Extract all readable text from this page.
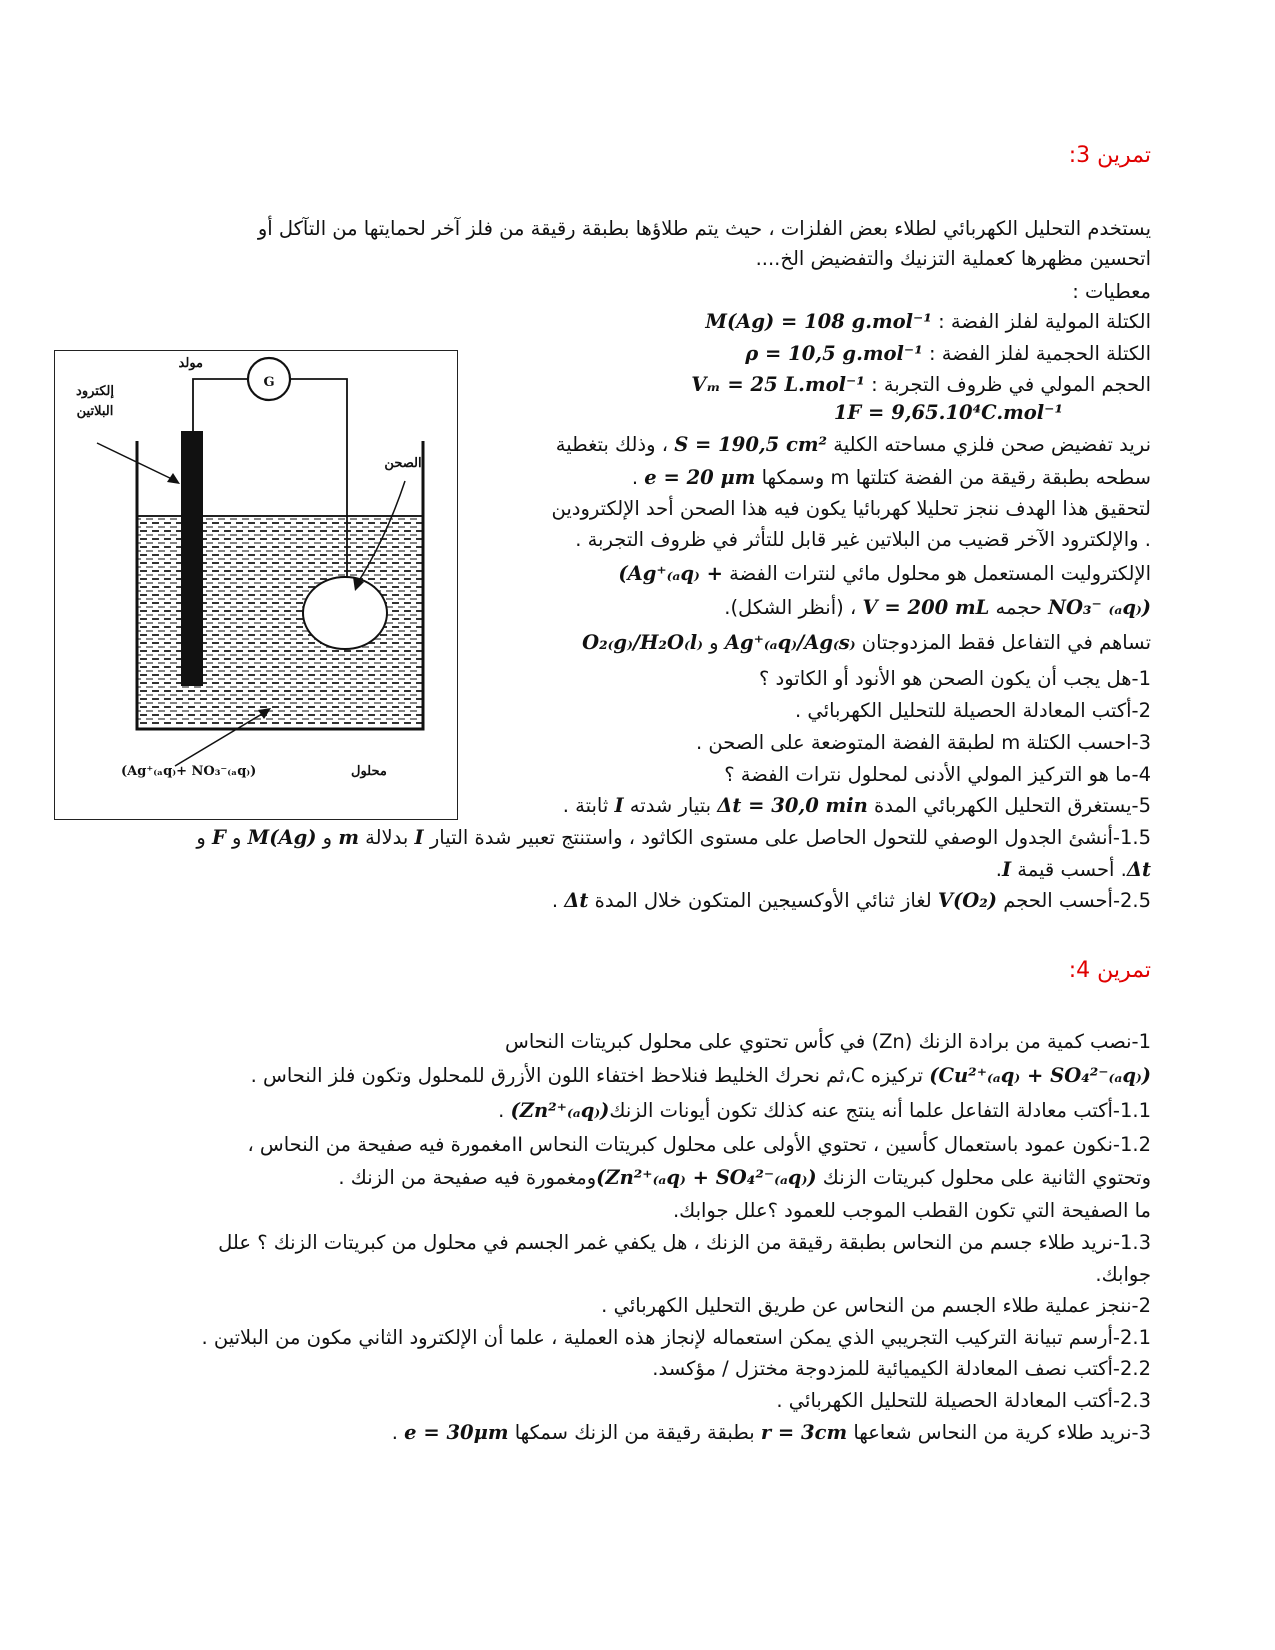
تمرين 3:
يستخدم التحليل الكهربائي لطلاء بعض الفلزات ، حيث يتم طلاؤها بطبقة رقيقة من فلز آخر لحمايتها من التآكل أو
اتحسين مظهرها كعملية التزنيك والتفضيض الخ....
معطيات :
الكتلة المولية لفلز الفضة : M(Ag) = 108 g.mol⁻¹
الكتلة الحجمية لفلز الفضة : ρ = 10,5 g.mol⁻¹
الحجم المولي في ظروف التجربة : Vₘ = 25 L.mol⁻¹
1F = 9,65.10⁴C.mol⁻¹
نريد تفضيض صحن فلزي مساحته الكلية S = 190,5 cm² ، وذلك بتغطية
سطحه بطبقة رقيقة من الفضة كتلتها m وسمكها e = 20 μm .
لتحقيق هذا الهدف ننجز تحليلا كهربائيا يكون فيه هذا الصحن أحد الإلكترودين
. والإلكترود الآخر قضيب من البلاتين غير قابل للتأثر في ظروف التجربة .
الإلكتروليت المستعمل هو محلول مائي لنترات الفضة (Ag⁺₍ₐq₎ +
NO₃⁻ ₍ₐq₎) حجمه V = 200 mL ، (أنظر الشكل).
تساهم في التفاعل فقط المزدوجتان Ag⁺₍ₐq₎/Ag₍s₎ و O₂₍g₎/H₂O₍l₎
1-هل يجب أن يكون الصحن هو الأنود أو الكاتود ؟
2-أكتب المعادلة الحصيلة للتحليل الكهربائي .
3-احسب الكتلة m لطبقة الفضة المتوضعة على الصحن .
4-ما هو التركيز المولي الأدنى لمحلول نترات الفضة ؟
5-يستغرق التحليل الكهربائي المدة Δt = 30,0 min بتيار شدته I ثابتة .
1.5-أنشئ الجدول الوصفي للتحول الحاصل على مستوى الكاثود ، واستنتج تعبير شدة التيار I بدلالة m و M(Ag) و F و
Δt. أحسب قيمة I.
2.5-أحسب الحجم V(O₂) لغاز ثنائي الأوكسيجين المتكون خلال المدة Δt .
G
مولد
إلكترود
البلاتين
الصحن
(Ag⁺₍ₐq₎+ NO₃⁻₍ₐq₎)	محلول
تمرين 4:
1-نصب كمية من برادة الزنك (Zn) في كأس تحتوي على محلول كبريتات النحاس
(Cu²⁺₍ₐq₎ + SO₄²⁻₍ₐq₎) تركيزه C،ثم نحرك الخليط فنلاحظ اختفاء اللون الأزرق للمحلول وتكون فلز النحاس .
1.1-أكتب معادلة التفاعل علما أنه ينتج عنه كذلك تكون أيونات الزنك(Zn²⁺₍ₐq₎) .
1.2-نكون عمود باستعمال كأسين ، تحتوي الأولى على محلول كبريتات النحاس IIمغمورة فيه صفيحة من النحاس ،
وتحتوي الثانية على محلول كبريتات الزنك (Zn²⁺₍ₐq₎ + SO₄²⁻₍ₐq₎)ومغمورة فيه صفيحة من الزنك .
ما الصفيحة التي تكون القطب الموجب للعمود ؟علل جوابك.
1.3-نريد طلاء جسم من النحاس بطبقة رقيقة من الزنك ، هل يكفي غمر الجسم في محلول من كبريتات الزنك ؟ علل
جوابك.
2-ننجز عملية طلاء الجسم من النحاس عن طريق التحليل الكهربائي .
2.1-أرسم تبيانة التركيب التجريبي الذي يمكن استعماله لإنجاز هذه العملية ، علما أن الإلكترود الثاني مكون من البلاتين .
2.2-أكتب نصف المعادلة الكيميائية للمزدوجة مختزل / مؤكسد.
2.3-أكتب المعادلة الحصيلة للتحليل الكهربائي .
3-نريد طلاء كرية من النحاس شعاعها r = 3cm بطبقة رقيقة من الزنك سمكها e = 30μm .
